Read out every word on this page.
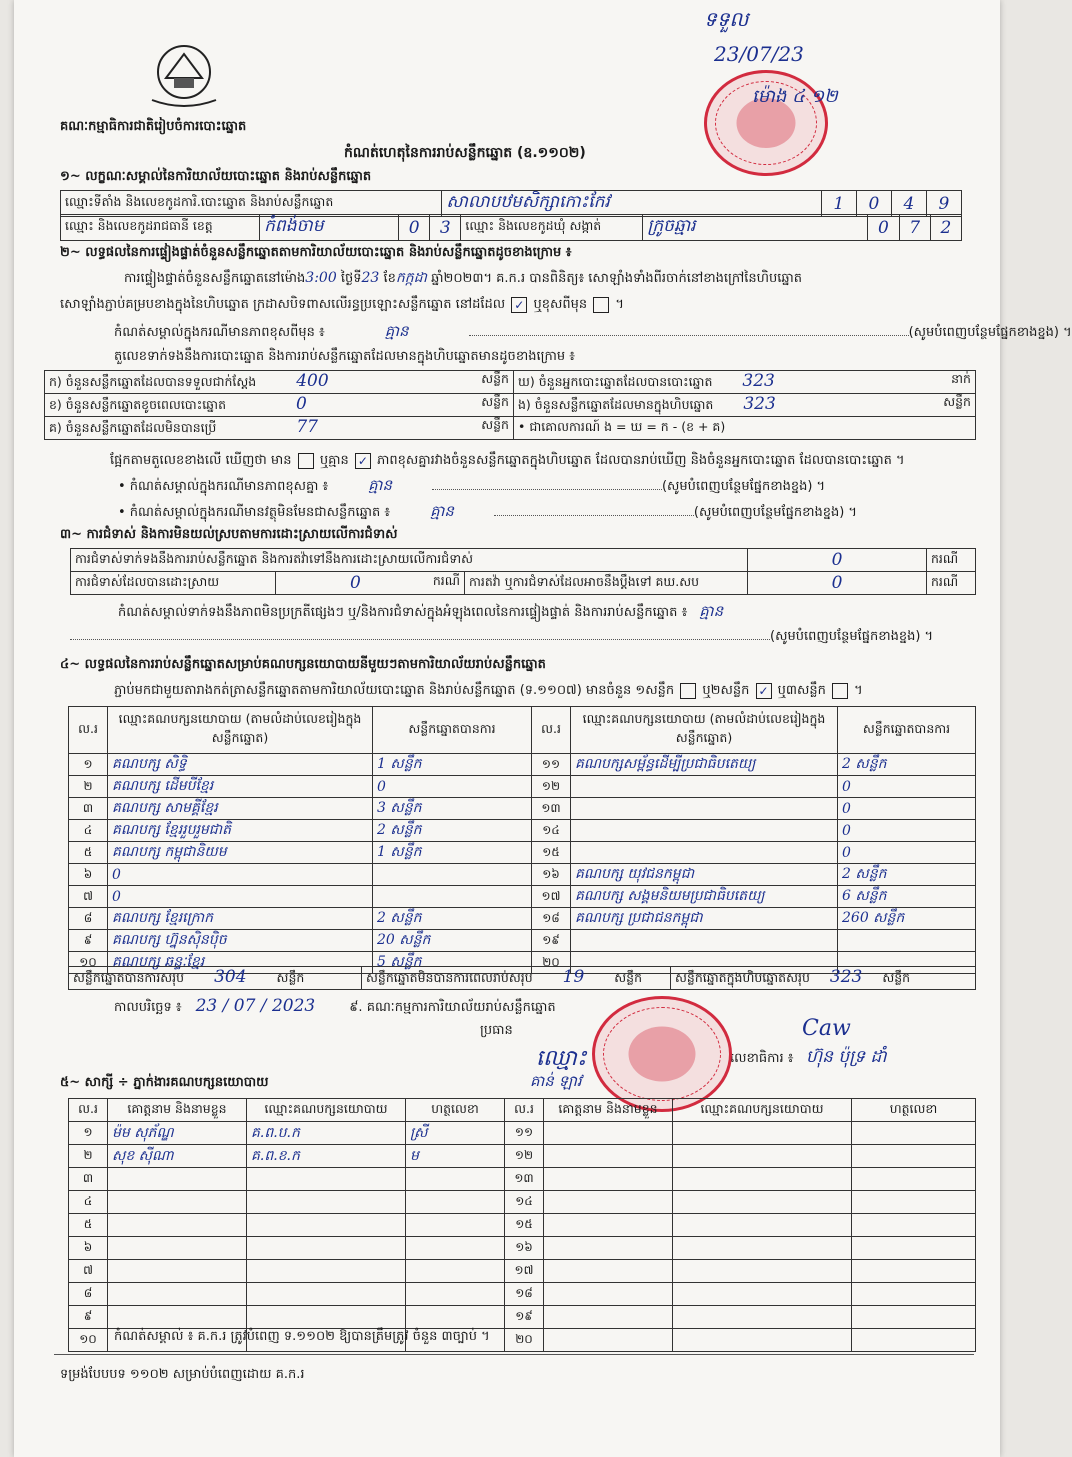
គណៈកម្មាធិការជាតិរៀបចំការបោះឆ្នោត
កំណត់ហេតុនៃការរាប់សន្លឹកឆ្នោត (ឧ.១១០២)
ទទួល
23/07/23
ម៉ោង ៤ ១២
១~ លក្ខណៈសម្គាល់នៃការិយាល័យបោះឆ្នោត និងរាប់សន្លឹកឆ្នោត
ឈ្មោះទីតាំង និងលេខកូដការិ.បោះឆ្នោត និងរាប់សន្លឹកឆ្នោត	សាលាបឋមសិក្សាកោះកែវ	1	0	4	9
ឈ្មោះ និងលេខកូដរាជធានី ខេត្ត	កំពង់ចាម	0	3	ឈ្មោះ និងលេខកូដឃុំ សង្កាត់	ក្រូចឆ្មារ	0	7	2
២~ លទ្ធផលនៃការផ្ទៀងផ្ទាត់ចំនួនសន្លឹកឆ្នោតតាមការិយាល័យបោះឆ្នោត និងរាប់សន្លឹកឆ្នោតដូចខាងក្រោម ៖
ការផ្ទៀងផ្ទាត់ចំនួនសន្លឹកឆ្នោតនៅម៉ោង3:00 ថ្ងៃទី23 ខែកក្កដា ឆ្នាំ២០២៣។ គ.ក.រ បានពិនិត្យ៖ សោឡាំងទាំងពីរចាក់នៅខាងក្រៅនៃហិបឆ្នោត
សោឡាំងភ្ជាប់គម្របខាងក្នុងនៃហិបឆ្នោត ក្រដាសបិទពាសលើរន្ធប្រឡោះសន្លឹកឆ្នោត នៅដដែល ✓ ឬខុសពីមុន  ។
កំណត់សម្គាល់ក្នុងករណីមានភាពខុសពីមុន ៖	គ្មាន	(សូមបំពេញបន្ថែមផ្នែកខាងខ្នង) ។
តួលេខទាក់ទងនឹងការបោះឆ្នោត និងការរាប់សន្លឹកឆ្នោតដែលមានក្នុងហិបឆ្នោតមានដូចខាងក្រោម ៖
ក) ចំនួនសន្លឹកឆ្នោតដែលបានទទួលជាក់ស្តែង 400 សន្លឹក	ឃ) ចំនួនអ្នកបោះឆ្នោតដែលបានបោះឆ្នោត 323 នាក់

ខ) ចំនួនសន្លឹកឆ្នោតខូចពេលបោះឆ្នោត 0 សន្លឹក	ង) ចំនួនសន្លឹកឆ្នោតដែលមានក្នុងហិបឆ្នោត 323 សន្លឹក

គ) ចំនួនសន្លឹកឆ្នោតដែលមិនបានប្រើ 77 សន្លឹក	• ជាគោលការណ៍ ង = ឃ = ក - (ខ + គ)
ផ្អែកតាមតួលេខខាងលើ ឃើញថា មាន ឬគ្មាន ✓ ភាពខុសគ្នារវាងចំនួនសន្លឹកឆ្នោតក្នុងហិបឆ្នោត ដែលបានរាប់ឃើញ និងចំនួនអ្នកបោះឆ្នោត ដែលបានបោះឆ្នោត ។
• កំណត់សម្គាល់ក្នុងករណីមានភាពខុសគ្នា ៖	គ្មាន	(សូមបំពេញបន្ថែមផ្នែកខាងខ្នង) ។
• កំណត់សម្គាល់ក្នុងករណីមានវត្ថុមិនមែនជាសន្លឹកឆ្នោត ៖	គ្មាន	(សូមបំពេញបន្ថែមផ្នែកខាងខ្នង) ។
៣~ ការជំទាស់ និងការមិនយល់ស្របតាមការដោះស្រាយលើការជំទាស់
ការជំទាស់ទាក់ទងនឹងការរាប់សន្លឹកឆ្នោត និងការតវ៉ាទៅនឹងការដោះស្រាយលើការជំទាស់			0	ករណី
ការជំទាស់ដែលបានដោះស្រាយ	0 ករណី	ការតវ៉ា ឬការជំទាស់ដែលអាចនឹងប្តឹងទៅ គឃ.សប	0	ករណី
កំណត់សម្គាល់ទាក់ទងនឹងភាពមិនប្រក្រតីផ្សេងៗ ឬ/និងការជំទាស់ក្នុងអំឡុងពេលនៃការផ្ទៀងផ្ទាត់ និងការរាប់សន្លឹកឆ្នោត ៖ គ្មាន
(សូមបំពេញបន្ថែមផ្នែកខាងខ្នង) ។
៤~ លទ្ធផលនៃការរាប់សន្លឹកឆ្នោតសម្រាប់គណបក្សនយោបាយនីមួយៗតាមការិយាល័យរាប់សន្លឹកឆ្នោត
ភ្ជាប់មកជាមួយតារាងកត់ត្រាសន្លឹកឆ្នោតតាមការិយាល័យបោះឆ្នោត និងរាប់សន្លឹកឆ្នោត (ទ.១១០៧) មានចំនួន ១សន្លឹក  ឬ២សន្លឹក ✓ ឬ៣សន្លឹក  ។
ល.រ	ឈ្មោះគណបក្សនយោបាយ (តាមលំដាប់លេខរៀងក្នុងសន្លឹកឆ្នោត)	សន្លឹកឆ្នោតបានការ	ល.រ	ឈ្មោះគណបក្សនយោបាយ (តាមលំដាប់លេខរៀងក្នុងសន្លឹកឆ្នោត)	សន្លឹកឆ្នោតបានការ
១	គណបក្ស សិទ្ធិ	1 សន្លឹក	១១	គណបក្សសម្ព័ន្ធដើម្បីប្រជាធិបតេយ្យ	2 សន្លឹក
២	គណបក្ស ដើមបីខ្មែរ	0	១២		0
៣	គណបក្ស សាមគ្គីខ្មែរ	3 សន្លឹក	១៣		0
៤	គណបក្ស ខ្មែររួបរួមជាតិ	2 សន្លឹក	១៤		0
៥	គណបក្ស កម្ពុជានិយម	1 សន្លឹក	១៥		0
៦	0		១៦	គណបក្ស យុវជនកម្ពុជា	2 សន្លឹក
៧	0		១៧	គណបក្ស សង្គមនិយមប្រជាធិបតេយ្យ	6 សន្លឹក
៨	គណបក្ស ខ្មែរក្រោក	2 សន្លឹក	១៨	គណបក្ស ប្រជាជនកម្ពុជា	260 សន្លឹក
៩	គណបក្ស ហ្វ៊ុនស៊ិនប៉ិច	20 សន្លឹក	១៩		
១០	គណបក្ស ឆន្ទៈខ្មែរ	5 សន្លឹក	២០		
សន្លឹកឆ្នោតបានការសរុប 304 សន្លឹក	សន្លឹកឆ្នោតមិនបានការពេលរាប់សរុប 19 សន្លឹក	សន្លឹកឆ្នោតក្នុងហិបឆ្នោតសរុប 323 សន្លឹក
កាលបរិច្ឆេទ ៖ 23 / 07 / 2023	៩. គណៈកម្មការការិយាល័យរាប់សន្លឹកឆ្នោត
ប្រធាន
លេខាធិការ ៖
Caw
ហ៊ុន ប៉ុទ្រ ដាំ
ឈ្មោះ
គាន់ ឡាវ
៥~ សាក្សី ÷ ភ្នាក់ងារគណបក្សនយោបាយ
ល.រ	គោត្តនាម និងនាមខ្លួន	ឈ្មោះគណបក្សនយោបាយ	ហត្ថលេខា	ល.រ	គោត្តនាម និងនាមខ្លួន	ឈ្មោះគណបក្សនយោបាយ	ហត្ថលេខា
១	ម៉ម សុភ័ណ្ឌ	គ.ព.ប.ក	ស្រី	១១			
២	សុខ ស៊ីណា	គ.ព.ខ.ក	ម	១២			
៣				១៣			
៤				១៤			
៥				១៥			
៦				១៦			
៧				១៧			
៨				១៨			
៩				១៩			
១០				២០			
កំណត់សម្គាល់ ៖ គ.ក.រ ត្រូវបំពេញ ទ.១១០២ ឱ្យបានត្រឹមត្រូវ ចំនួន ៣ច្បាប់ ។
ទម្រង់បែបបទ ១១០២ សម្រាប់បំពេញដោយ គ.ក.រ
